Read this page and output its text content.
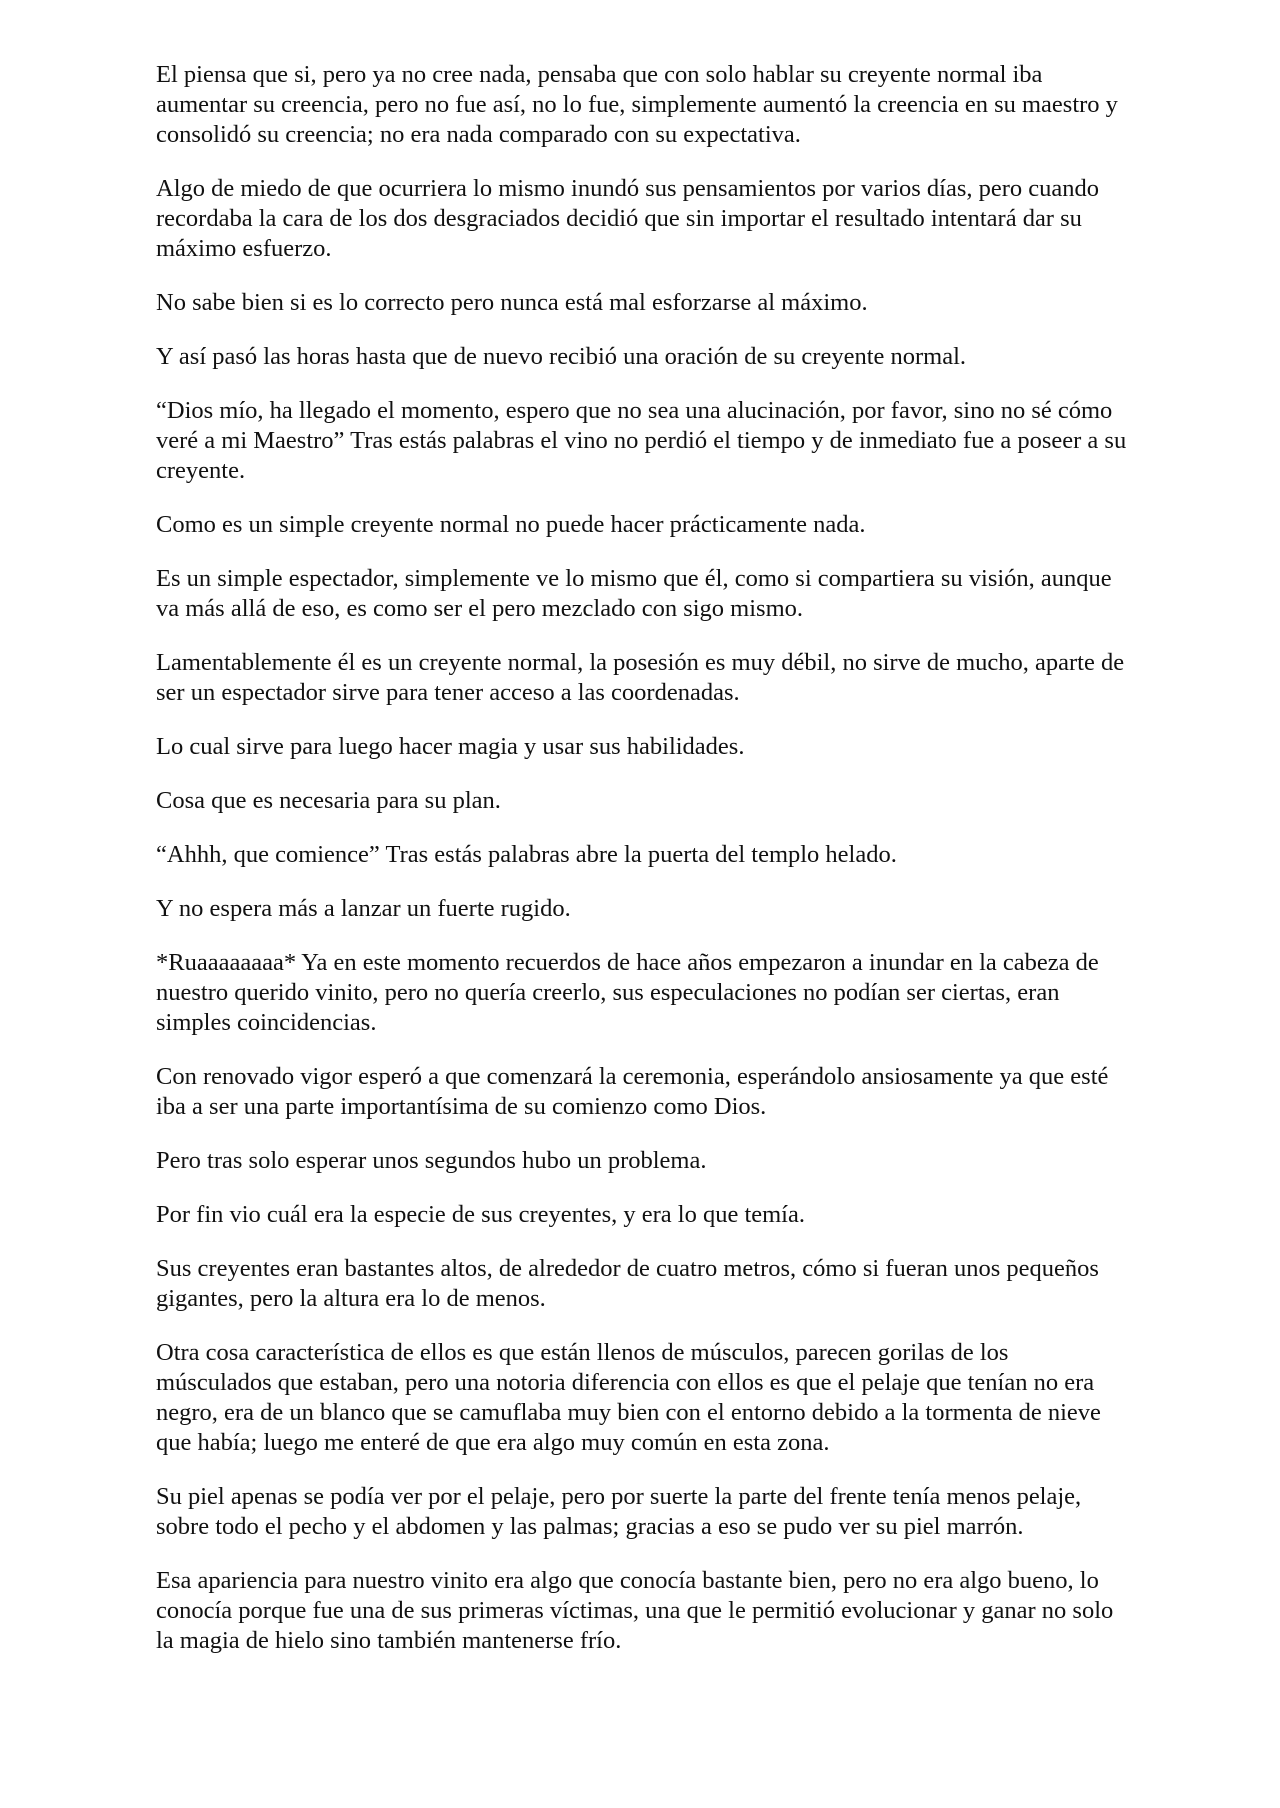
El piensa que si, pero ya no cree nada, pensaba que con solo hablar su creyente normal iba aumentar su creencia, pero no fue así, no lo fue, simplemente aumentó la creencia en su maestro y consolidó su creencia; no era nada comparado con su expectativa.

Algo de miedo de que ocurriera lo mismo inundó sus pensamientos por varios días, pero cuando recordaba la cara de los dos desgraciados decidió que sin importar el resultado intentará dar su máximo esfuerzo.

No sabe bien si es lo correcto pero nunca está mal esforzarse al máximo.

Y así pasó las horas hasta que de nuevo recibió una oración de su creyente normal.

“Dios mío, ha llegado el momento, espero que no sea una alucinación, por favor, sino no sé cómo veré a mi Maestro” Tras estás palabras el vino no perdió el tiempo y de inmediato fue a poseer a su creyente.

Como es un simple creyente normal no puede hacer prácticamente nada.

Es un simple espectador, simplemente ve lo mismo que él, como si compartiera su visión, aunque va más allá de eso, es como ser el pero mezclado con sigo mismo.

Lamentablemente él es un creyente normal, la posesión es muy débil, no sirve de mucho, aparte de ser un espectador sirve para tener acceso a las coordenadas.

Lo cual sirve para luego hacer magia y usar sus habilidades.

Cosa que es necesaria para su plan.

“Ahhh, que comience” Tras estás palabras abre la puerta del templo helado.

Y no espera más a lanzar un fuerte rugido.

*Ruaaaaaaaa* Ya en este momento recuerdos de hace años empezaron a inundar en la cabeza de nuestro querido vinito, pero no quería creerlo, sus especulaciones no podían ser ciertas, eran simples coincidencias.

Con renovado vigor esperó a que comenzará la ceremonia, esperándolo ansiosamente ya que esté iba a ser una parte importantísima de su comienzo como Dios.

Pero tras solo esperar unos segundos hubo un problema.

Por fin vio cuál era la especie de sus creyentes, y era lo que temía.

Sus creyentes eran bastantes altos, de alrededor de cuatro metros, cómo si fueran unos pequeños gigantes, pero la altura era lo de menos.

Otra cosa característica de ellos es que están llenos de músculos, parecen gorilas de los músculados que estaban, pero una notoria diferencia con ellos es que el pelaje que tenían no era negro, era de un blanco que se camuflaba muy bien con el entorno debido a la tormenta de nieve que había; luego me enteré de que era algo muy común en esta zona.

Su piel apenas se podía ver por el pelaje, pero por suerte la parte del frente tenía menos pelaje, sobre todo el pecho y el abdomen y las palmas; gracias a eso se pudo ver su piel marrón.

Esa apariencia para nuestro vinito era algo que conocía bastante bien, pero no era algo bueno, lo conocía porque fue una de sus primeras víctimas, una que le permitió evolucionar y ganar no solo la magia de hielo sino también mantenerse frío.
